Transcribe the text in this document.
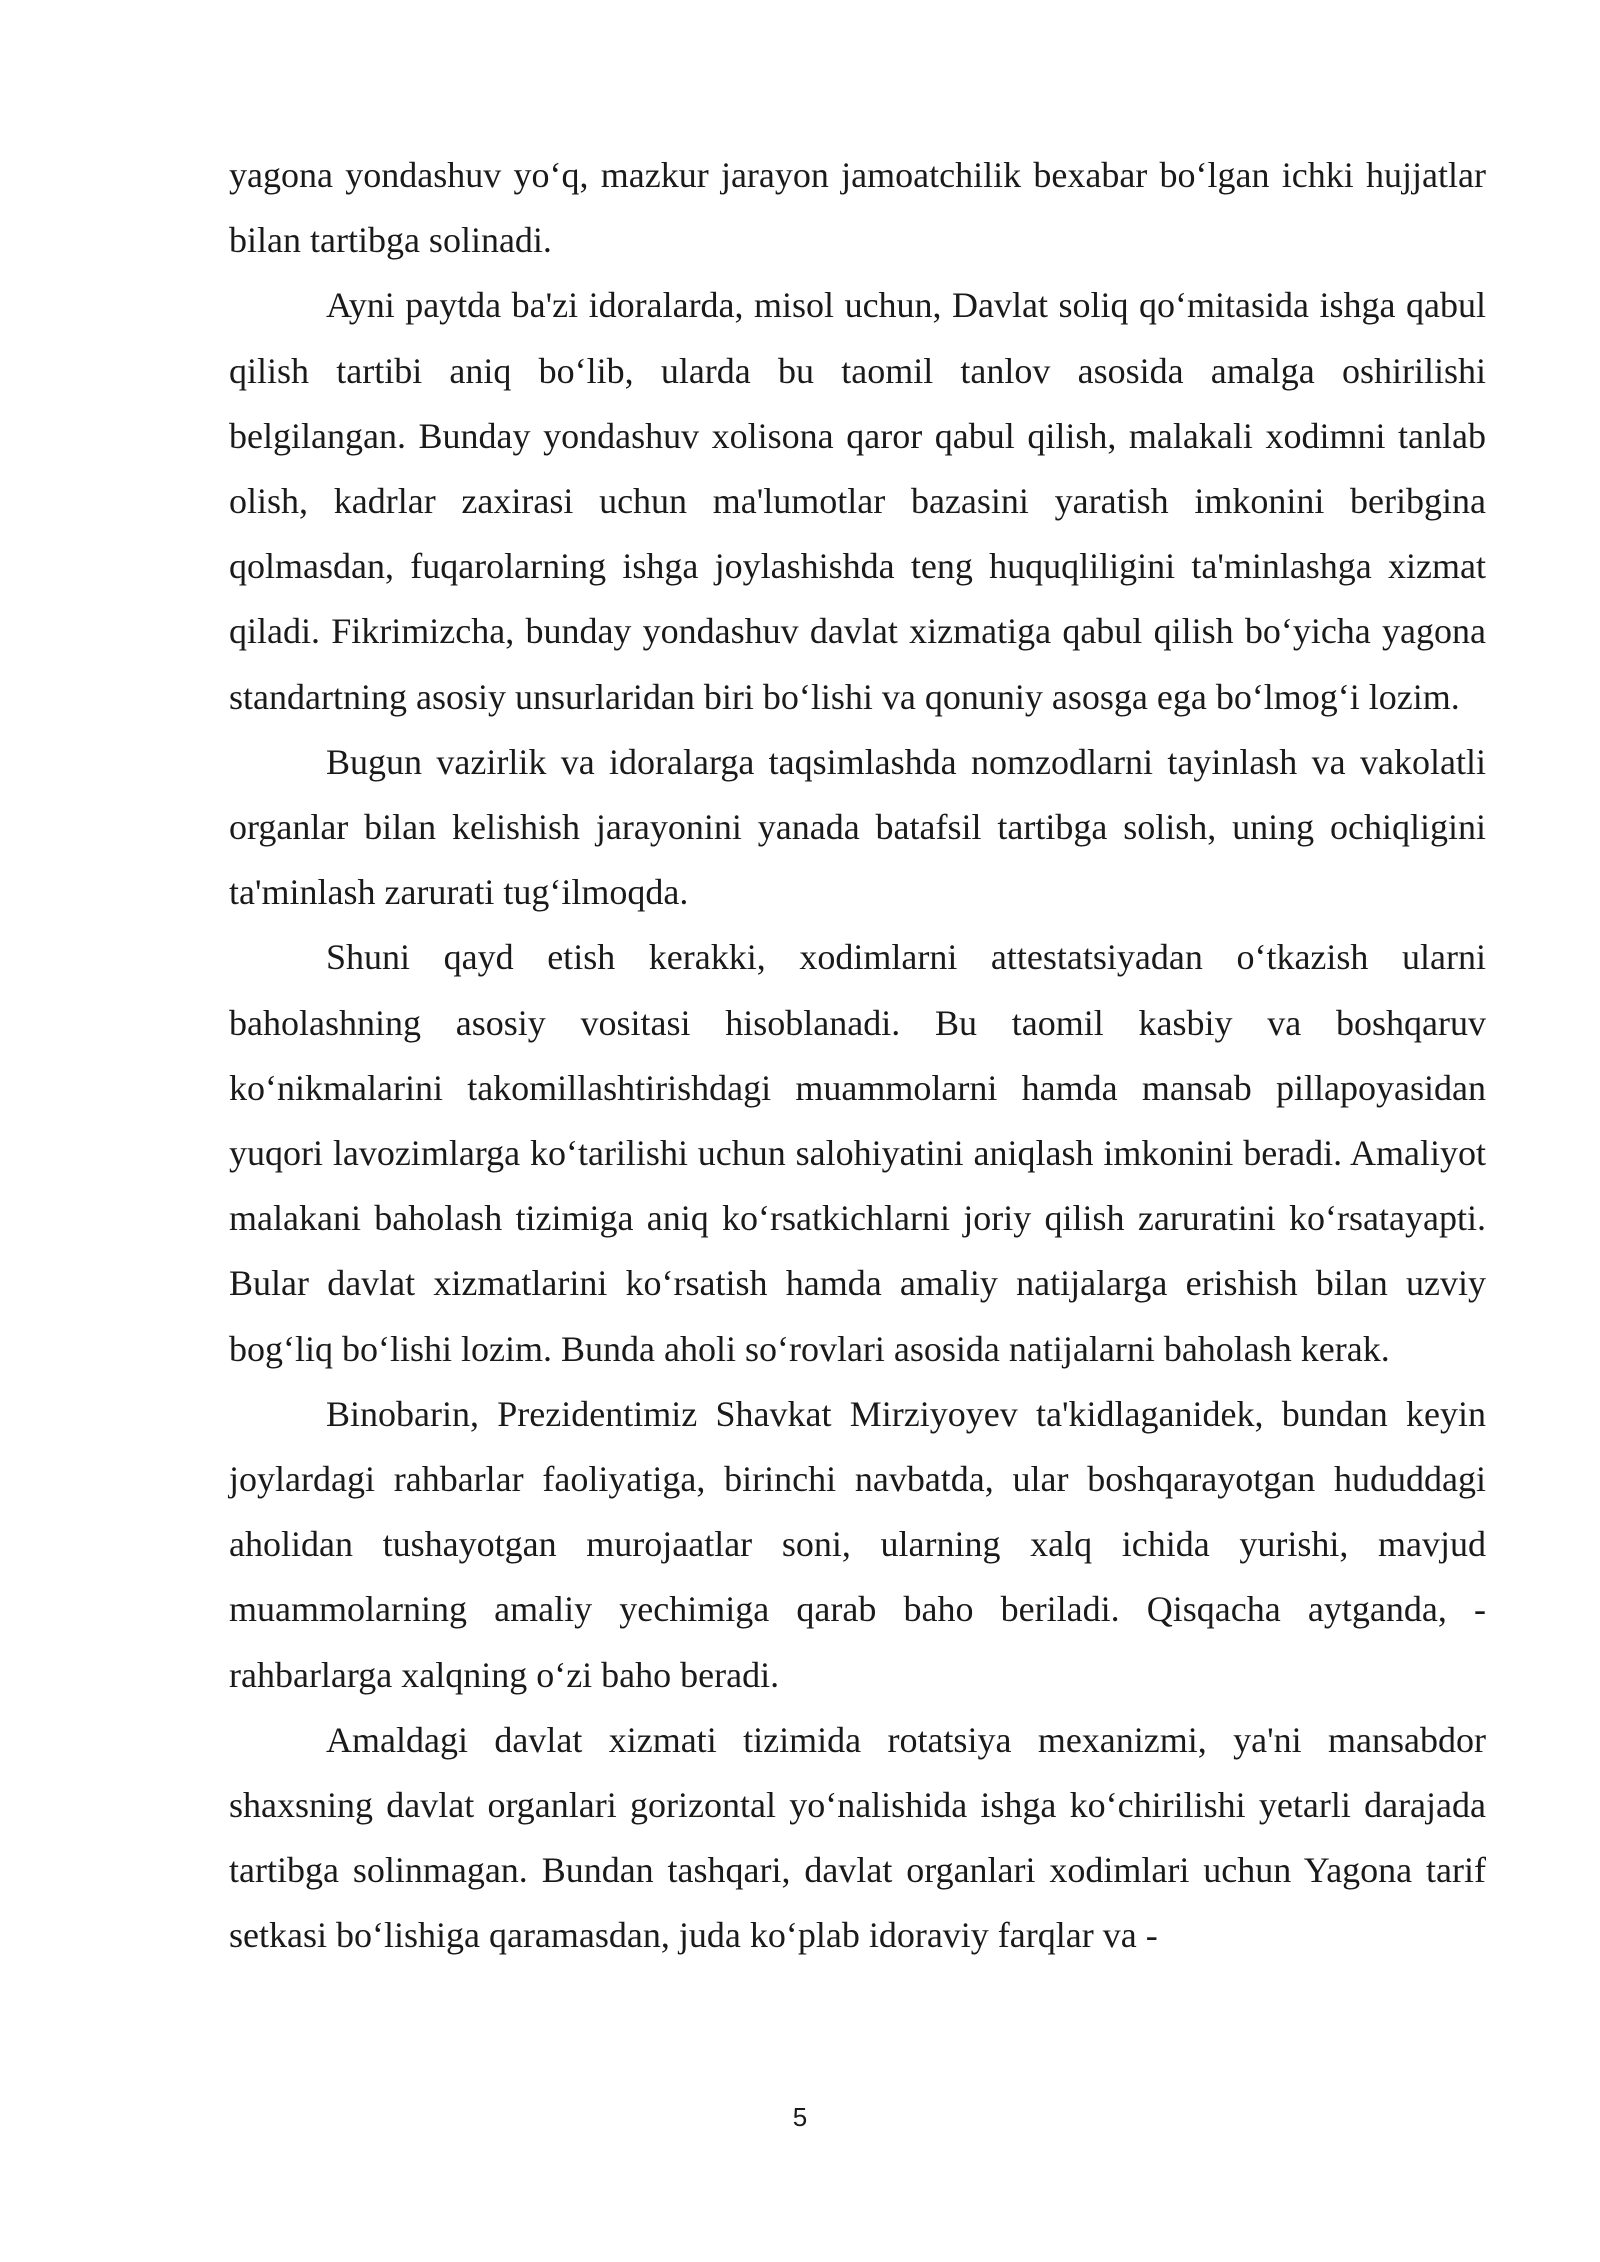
yagona yondashuv yo‘q, mazkur jarayon jamoatchilik bexabar bo‘lgan ichki hujjatlar bilan tartibga solinadi.

Ayni paytda ba'zi idoralarda, misol uchun, Davlat soliq qo‘mitasida ishga qabul qilish tartibi aniq bo‘lib, ularda bu taomil tanlov asosida amalga oshirilishi belgilangan. Bunday yondashuv xolisona qaror qabul qilish, malakali xodimni tanlab olish, kadrlar zaxirasi uchun ma'lumotlar bazasini yaratish imkonini beribgina qolmasdan, fuqarolarning ishga joylashishda teng huquqliligini ta'minlashga xizmat qiladi. Fikrimizcha, bunday yondashuv davlat xizmatiga qabul qilish bo‘yicha yagona standartning asosiy unsurlaridan biri bo‘lishi va qonuniy asosga ega bo‘lmog‘i lozim.

Bugun vazirlik va idoralarga taqsimlashda nomzodlarni tayinlash va vakolatli organlar bilan kelishish jarayonini yanada batafsil tartibga solish, uning ochiqligini ta'minlash zarurati tug‘ilmoqda.

Shuni qayd etish kerakki, xodimlarni attestatsiyadan o‘tkazish ularni baholashning asosiy vositasi hisoblanadi. Bu taomil kasbiy va boshqaruv ko‘nikmalarini takomillashtirishdagi muammolarni hamda mansab pillapoyasidan yuqori lavozimlarga ko‘tarilishi uchun salohiyatini aniqlash imkonini beradi. Amaliyot malakani baholash tizimiga aniq ko‘rsatkichlarni joriy qilish zaruratini ko‘rsatayapti. Bular davlat xizmatlarini ko‘rsatish hamda amaliy natijalarga erishish bilan uzviy bog‘liq bo‘lishi lozim. Bunda aholi so‘rovlari asosida natijalarni baholash kerak.

Binobarin, Prezidentimiz Shavkat Mirziyoyev ta'kidlaganidek, bundan keyin joylardagi rahbarlar faoliyatiga, birinchi navbatda, ular boshqarayotgan hududdagi aholidan tushayotgan murojaatlar soni, ularning xalq ichida yurishi, mavjud muammolarning amaliy yechimiga qarab baho beriladi. Qisqacha aytganda, - rahbarlarga xalqning o‘zi baho beradi.

Amaldagi davlat xizmati tizimida rotatsiya mexanizmi, ya'ni mansabdor shaxsning davlat organlari gorizontal yo‘nalishida ishga ko‘chirilishi yetarli darajada tartibga solinmagan. Bundan tashqari, davlat organlari xodimlari uchun Yagona tarif setkasi bo‘lishiga qaramasdan, juda ko‘plab idoraviy farqlar va -

5
